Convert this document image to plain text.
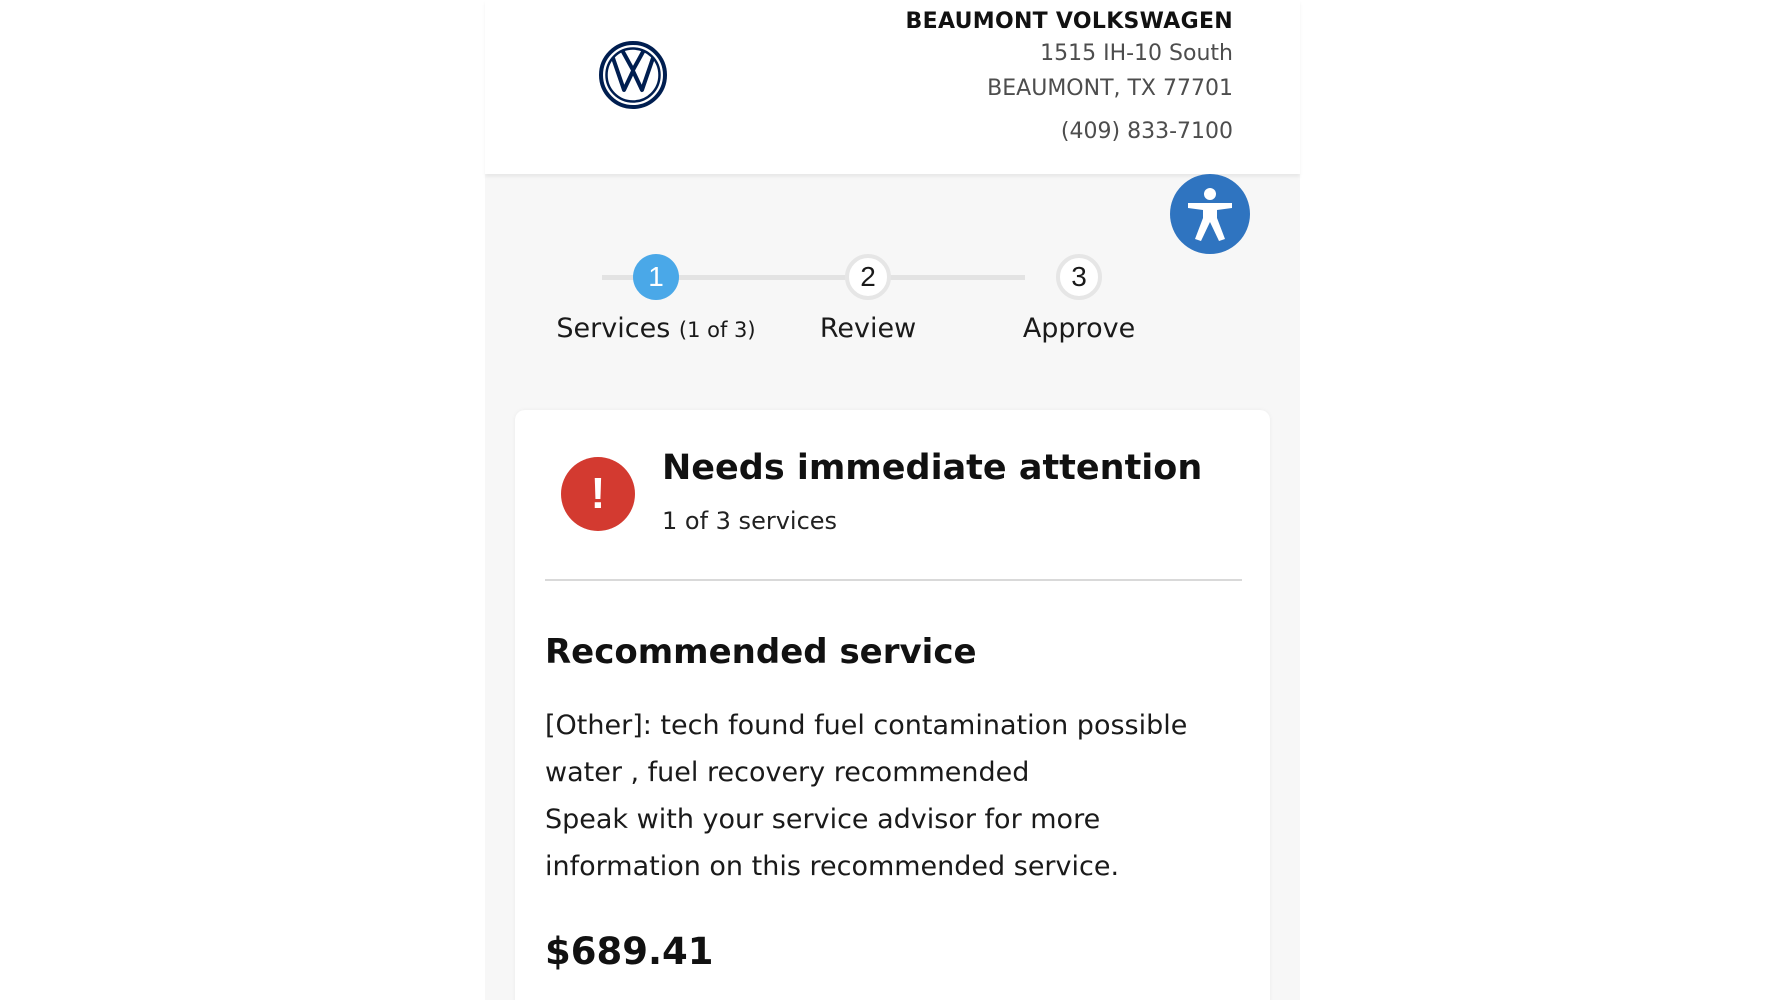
BEAUMONT VOLKSWAGEN
1515 IH-10 South
BEAUMONT, TX 77701
(409) 833-7100
1	2	3
Services (1 of 3) Review	Approve
!
Needs immediate attention
1 of 3 services
Recommended service
[Other]: tech found fuel contamination possible
water , fuel recovery recommended
Speak with your service advisor for more
information on this recommended service.
$689.41
